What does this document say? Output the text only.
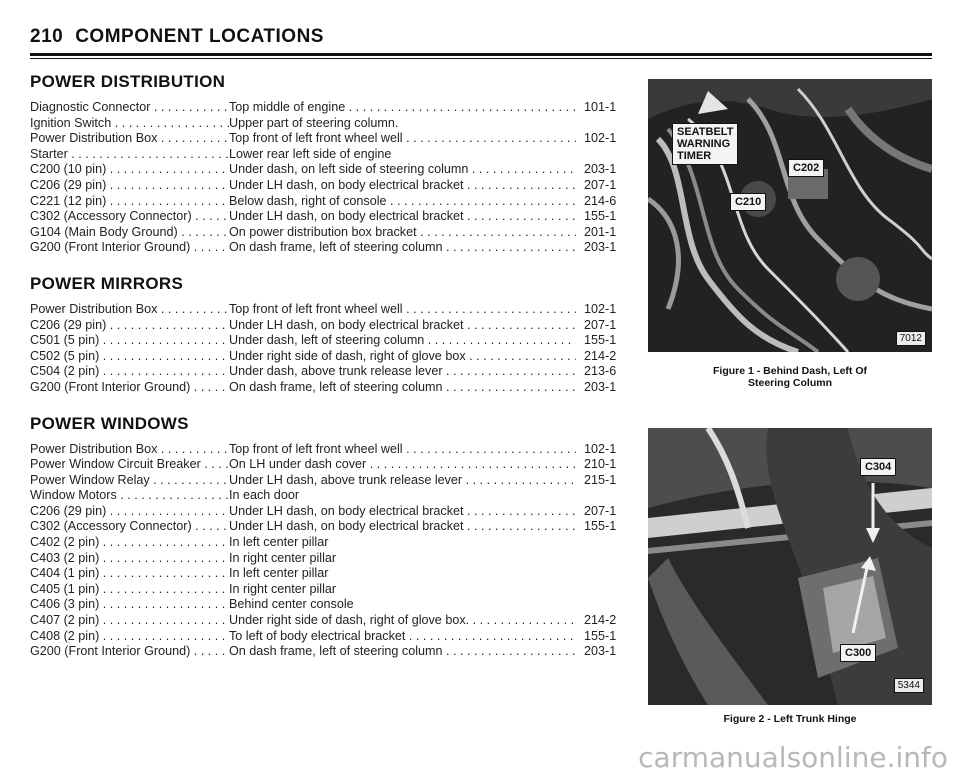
210 COMPONENT LOCATIONS
POWER DISTRIBUTION
Diagnostic Connector . . .	Top middle of engine . . .	101-1
Ignition Switch . . .	Upper part of steering column.
Power Distribution Box . . .	Top front of left front wheel well . . .	102-1
Starter . . .	Lower rear left side of engine
C200 (10 pin) . . .	Under dash, on left side of steering column . . .	203-1
C206 (29 pin) . . .	Under LH dash, on body electrical bracket . . .	207-1
C221 (12 pin) . . .	Below dash, right of console . . .	214-6
C302 (Accessory Connector) . . .	Under LH dash, on body electrical bracket . . .	155-1
G104 (Main Body Ground) . . .	On power distribution box bracket . . .	201-1
G200 (Front Interior Ground) . . .	On dash frame, left of steering column . . .	203-1
POWER MIRRORS
Power Distribution Box . . .	Top front of left front wheel well . . .	102-1
C206 (29 pin) . . .	Under LH dash, on body electrical bracket . . .	207-1
C501 (5 pin) . . .	Under dash, left of steering column . . .	155-1
C502 (5 pin) . . .	Under right side of dash, right of glove box . . .	214-2
C504 (2 pin) . . .	Under dash, above trunk release lever . . .	213-6
G200 (Front Interior Ground) . . .	On dash frame, left of steering column . . .	203-1
POWER WINDOWS
Power Distribution Box . . .	Top front of left front wheel well . . .	102-1
Power Window Circuit Breaker . . .	On LH under dash cover . . .	210-1
Power Window Relay . . .	Under LH dash, above trunk release lever . . .	215-1
Window Motors . . .	In each door
C206 (29 pin) . . .	Under LH dash, on body electrical bracket . . .	207-1
C302 (Accessory Connector) . . .	Under LH dash, on body electrical bracket . . .	155-1
C402 (2 pin) . . .	In left center pillar
C403 (2 pin) . . .	In right center pillar
C404 (1 pin) . . .	In left center pillar
C405 (1 pin) . . .	In right center pillar
C406 (3 pin) . . .	Behind center console
C407 (2 pin) . . .	Under right side of dash, right of glove box. . . .	214-2
C408 (2 pin) . . .	To left of body electrical bracket . . .	155-1
G200 (Front Interior Ground) . . .	On dash frame, left of steering column . . .	203-1
SEATBELT
WARNING
TIMER
C202
C210
7012
Figure 1 - Behind Dash, Left Of
Steering Column
C304
C300
5344
Figure 2 - Left Trunk Hinge
carmanualsonline.info
